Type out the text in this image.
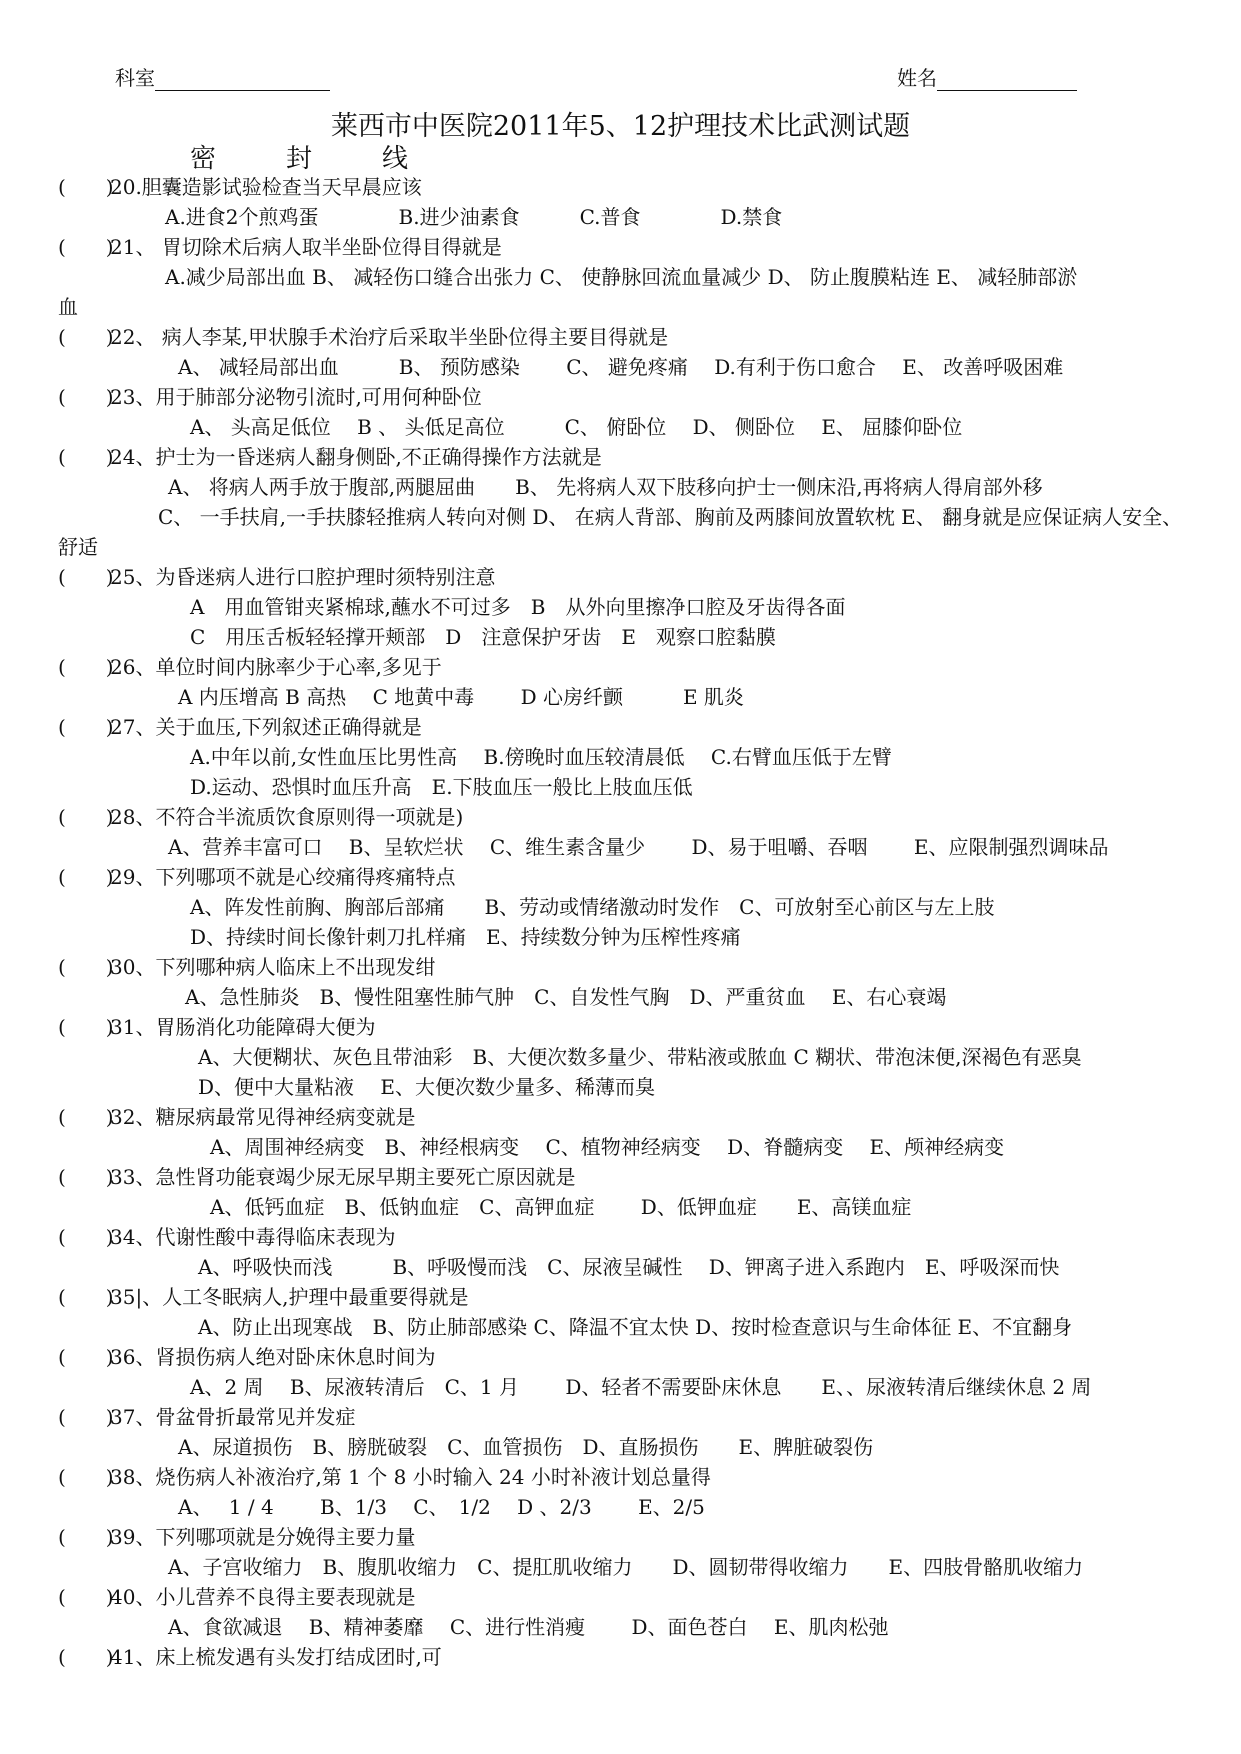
科室	姓名
莱西市中医院2011年5、12护理技术比武测试题
密	封	线
(　　)
20.胆囊造影试验检查当天早晨应该
A.进食2个煎鸡蛋　　　　B.进少油素食　　　C.普食　　　　D.禁食
(　　)
21、 胃切除术后病人取半坐卧位得目得就是
A.减少局部出血 B、 减轻伤口缝合出张力 C、 使静脉回流血量减少 D、 防止腹膜粘连 E、 减轻肺部淤
血
(　　)
22、 病人李某,甲状腺手术治疗后采取半坐卧位得主要目得就是
A、 减轻局部出血　　　B、 预防感染　　 C、 避免疼痛　 D.有利于伤口愈合　 E、 改善呼吸困难
(　　)
23、用于肺部分泌物引流时,可用何种卧位
A、 头高足低位　 B 、 头低足高位　　　C、 俯卧位　 D、 侧卧位　 E、 屈膝仰卧位
(　　)
24、护士为一昏迷病人翻身侧卧,不正确得操作方法就是
A、 将病人两手放于腹部,两腿屈曲　　B、 先将病人双下肢移向护士一侧床沿,再将病人得肩部外移
C、 一手扶肩,一手扶膝轻推病人转向对侧 D、 在病人背部、胸前及两膝间放置软枕 E、 翻身就是应保证病人安全、
舒适
(　　)
25、为昏迷病人进行口腔护理时须特别注意
A　用血管钳夹紧棉球,蘸水不可过多　B　从外向里擦净口腔及牙齿得各面
C　用压舌板轻轻撑开颊部　D　注意保护牙齿　E　观察口腔黏膜
(　　)
26、单位时间内脉率少于心率,多见于
A 内压增高 B 高热　 C 地黄中毒　　 D 心房纤颤　　　E 肌炎
(　　)
27、关于血压,下列叙述正确得就是
A.中年以前,女性血压比男性高　 B.傍晚时血压较清晨低　 C.右臂血压低于左臂
D.运动、恐惧时血压升高　E.下肢血压一般比上肢血压低
(　　)
28、不符合半流质饮食原则得一项就是)
A、营养丰富可口　 B、呈软烂状　 C、维生素含量少　　 D、易于咀嚼、吞咽　　 E、应限制强烈调味品
(　　)
29、下列哪项不就是心绞痛得疼痛特点
A、阵发性前胸、胸部后部痛　　B、劳动或情绪激动时发作　C、可放射至心前区与左上肢
D、持续时间长像针刺刀扎样痛　E、持续数分钟为压榨性疼痛
(　　)
30、下列哪种病人临床上不出现发绀
A、急性肺炎　B、慢性阻塞性肺气肿　C、自发性气胸　D、严重贫血　 E、右心衰竭
(　　)
31、胃肠消化功能障碍大便为
A、大便糊状、灰色且带油彩　B、大便次数多量少、带粘液或脓血 C 糊状、带泡沫便,深褐色有恶臭
D、便中大量粘液　 E、大便次数少量多、稀薄而臭
(　　)
32、糖尿病最常见得神经病变就是
A、周围神经病变　B、神经根病变　 C、植物神经病变　 D、脊髓病变　 E、颅神经病变
(　　)
33、急性肾功能衰竭少尿无尿早期主要死亡原因就是
A、低钙血症　B、低钠血症　C、高钾血症　　 D、低钾血症　　E、高镁血症
(　　)
34、代谢性酸中毒得临床表现为
A、呼吸快而浅　　　B、呼吸慢而浅　C、尿液呈碱性　 D、钾离子进入系跑内　E、呼吸深而快
(　　)
35|、人工冬眠病人,护理中最重要得就是
A、防止出现寒战　B、防止肺部感染 C、降温不宜太快 D、按时检查意识与生命体征 E、不宜翻身
(　　)
36、肾损伤病人绝对卧床休息时间为
A、2 周　 B、尿液转清后　C、1 月　　 D、轻者不需要卧床休息　　E、、尿液转清后继续休息 2 周
(　　)
37、骨盆骨折最常见并发症
A、尿道损伤　B、膀胱破裂　C、血管损伤　D、直肠损伤　　E、脾脏破裂伤
(　　)
38、烧伤病人补液治疗,第 1 个 8 小时输入 24 小时补液计划总量得
A、　 1 / 4　　 B、1/3　 C、　1/2　 D 、2/3　　 E、2/5
(　　)
39、下列哪项就是分娩得主要力量
A、子宫收缩力　B、腹肌收缩力　C、提肛肌收缩力　　D、圆韧带得收缩力　　E、四肢骨骼肌收缩力
(　　)
40、小儿营养不良得主要表现就是
A、食欲减退　 B、精神萎靡　 C、进行性消瘦　　 D、面色苍白　 E、肌肉松弛
(　　)
41、床上梳发遇有头发打结成团时,可
